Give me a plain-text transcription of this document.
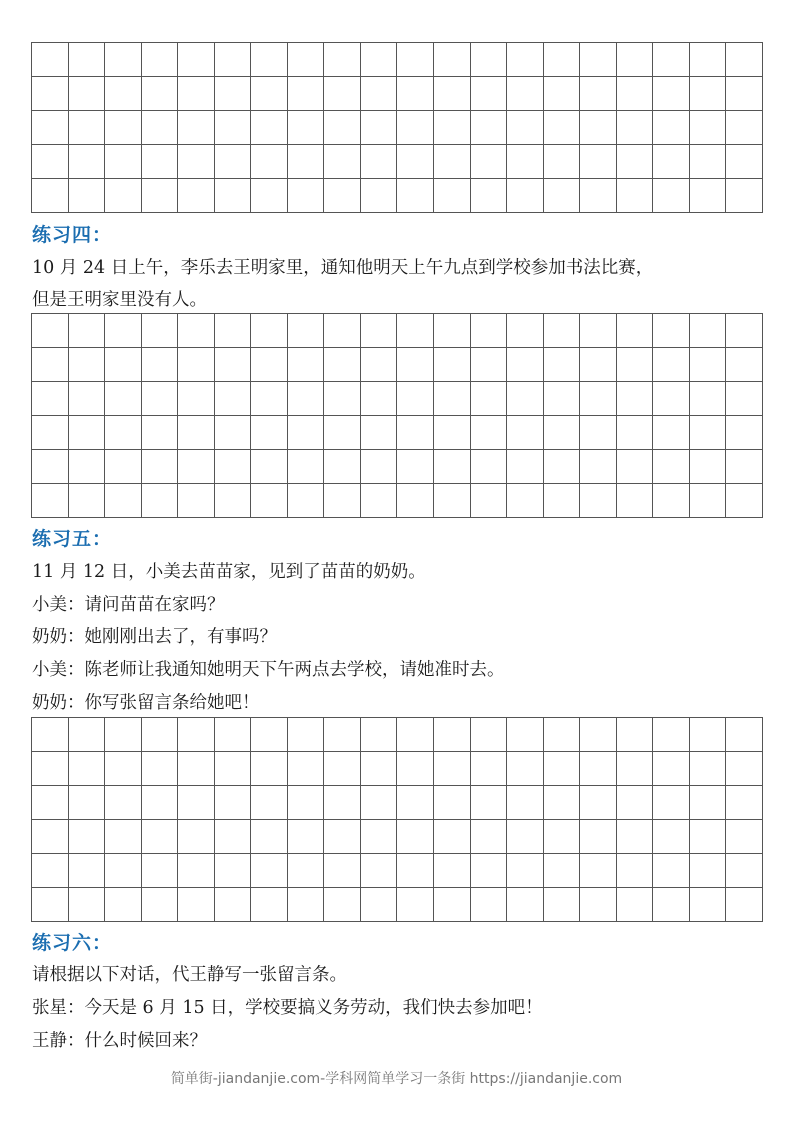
练习四：

10 月 24 日上午，李乐去王明家里，通知他明天上午九点到学校参加书法比赛，

但是王明家里没有人。

练习五：

11 月 12 日，小美去苗苗家，见到了苗苗的奶奶。

小美：请问苗苗在家吗？

奶奶：她刚刚出去了，有事吗？

小美：陈老师让我通知她明天下午两点去学校，请她准时去。

奶奶：你写张留言条给她吧！

练习六：

请根据以下对话，代王静写一张留言条。

张星：今天是 6 月 15 日，学校要搞义务劳动，我们快去参加吧！

王静：什么时候回来？

简单街-jiandanjie.com-学科网简单学习一条街 https://jiandanjie.com
